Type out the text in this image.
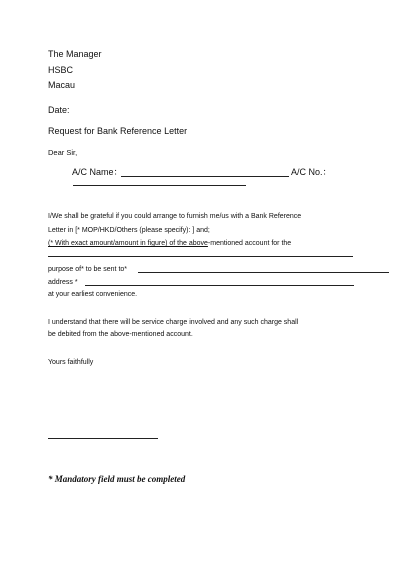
The Manager
HSBC
Macau
Date:
Request for Bank Reference Letter
Dear Sir,
A/C Name：	A/C No.：
I/We shall be grateful if you could arrange to furnish me/us with a Bank Reference
Letter in [* MOP/HKD/Others (please specify): ] and;
(* With exact amount/amount in figure) of the above-mentioned account for the
purpose of* to be sent to*
address *
at your earliest convenience.
I understand that there will be service charge involved and any such charge shall
be debited from the above-mentioned account.
Yours faithfully
* Mandatory field must be completed
